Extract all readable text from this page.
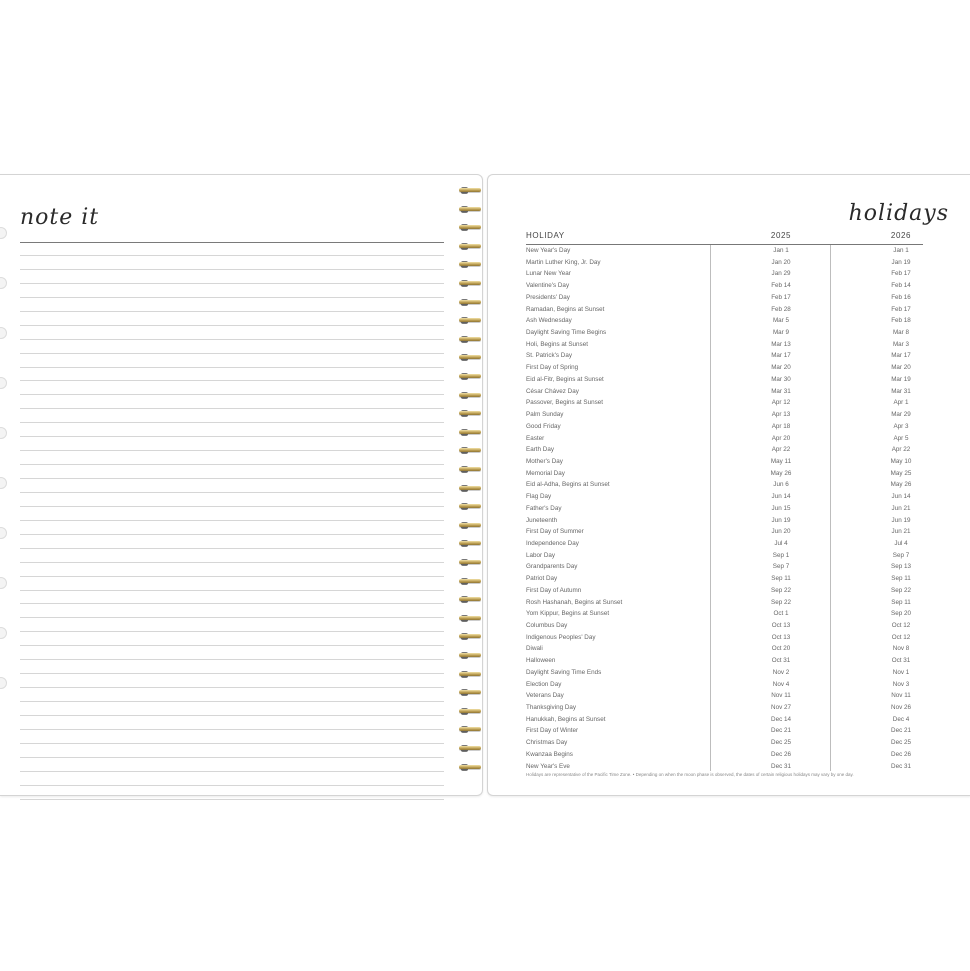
note it	holidays
HOLIDAY	2025	2026
New Year's Day	Jan 1	Jan 1
Martin Luther King, Jr. Day	Jan 20	Jan 19
Lunar New Year	Jan 29	Feb 17
Valentine's Day	Feb 14	Feb 14
Presidents' Day	Feb 17	Feb 16
Ramadan, Begins at Sunset	Feb 28	Feb 17
Ash Wednesday	Mar 5	Feb 18
Daylight Saving Time Begins	Mar 9	Mar 8
Holi, Begins at Sunset	Mar 13	Mar 3
St. Patrick's Day	Mar 17	Mar 17
First Day of Spring	Mar 20	Mar 20
Eid al-Fitr, Begins at Sunset	Mar 30	Mar 19
César Chávez Day	Mar 31	Mar 31
Passover, Begins at Sunset	Apr 12	Apr 1
Palm Sunday	Apr 13	Mar 29
Good Friday	Apr 18	Apr 3
Easter	Apr 20	Apr 5
Earth Day	Apr 22	Apr 22
Mother's Day	May 11	May 10
Memorial Day	May 26	May 25
Eid al-Adha, Begins at Sunset	Jun 6	May 26
Flag Day	Jun 14	Jun 14
Father's Day	Jun 15	Jun 21
Juneteenth	Jun 19	Jun 19
First Day of Summer	Jun 20	Jun 21
Independence Day	Jul 4	Jul 4
Labor Day	Sep 1	Sep 7
Grandparents Day	Sep 7	Sep 13
Patriot Day	Sep 11	Sep 11
First Day of Autumn	Sep 22	Sep 22
Rosh Hashanah, Begins at Sunset	Sep 22	Sep 11
Yom Kippur, Begins at Sunset	Oct 1	Sep 20
Columbus Day	Oct 13	Oct 12
Indigenous Peoples' Day	Oct 13	Oct 12
Diwali	Oct 20	Nov 8
Halloween	Oct 31	Oct 31
Daylight Saving Time Ends	Nov 2	Nov 1
Election Day	Nov 4	Nov 3
Veterans Day	Nov 11	Nov 11
Thanksgiving Day	Nov 27	Nov 26
Hanukkah, Begins at Sunset	Dec 14	Dec 4
First Day of Winter	Dec 21	Dec 21
Christmas Day	Dec 25	Dec 25
Kwanzaa Begins	Dec 26	Dec 26
New Year's Eve	Dec 31	Dec 31
Holidays are representative of the Pacific Time Zone. • Depending on when the moon phase is observed, the dates of certain religious holidays may vary by one day.
